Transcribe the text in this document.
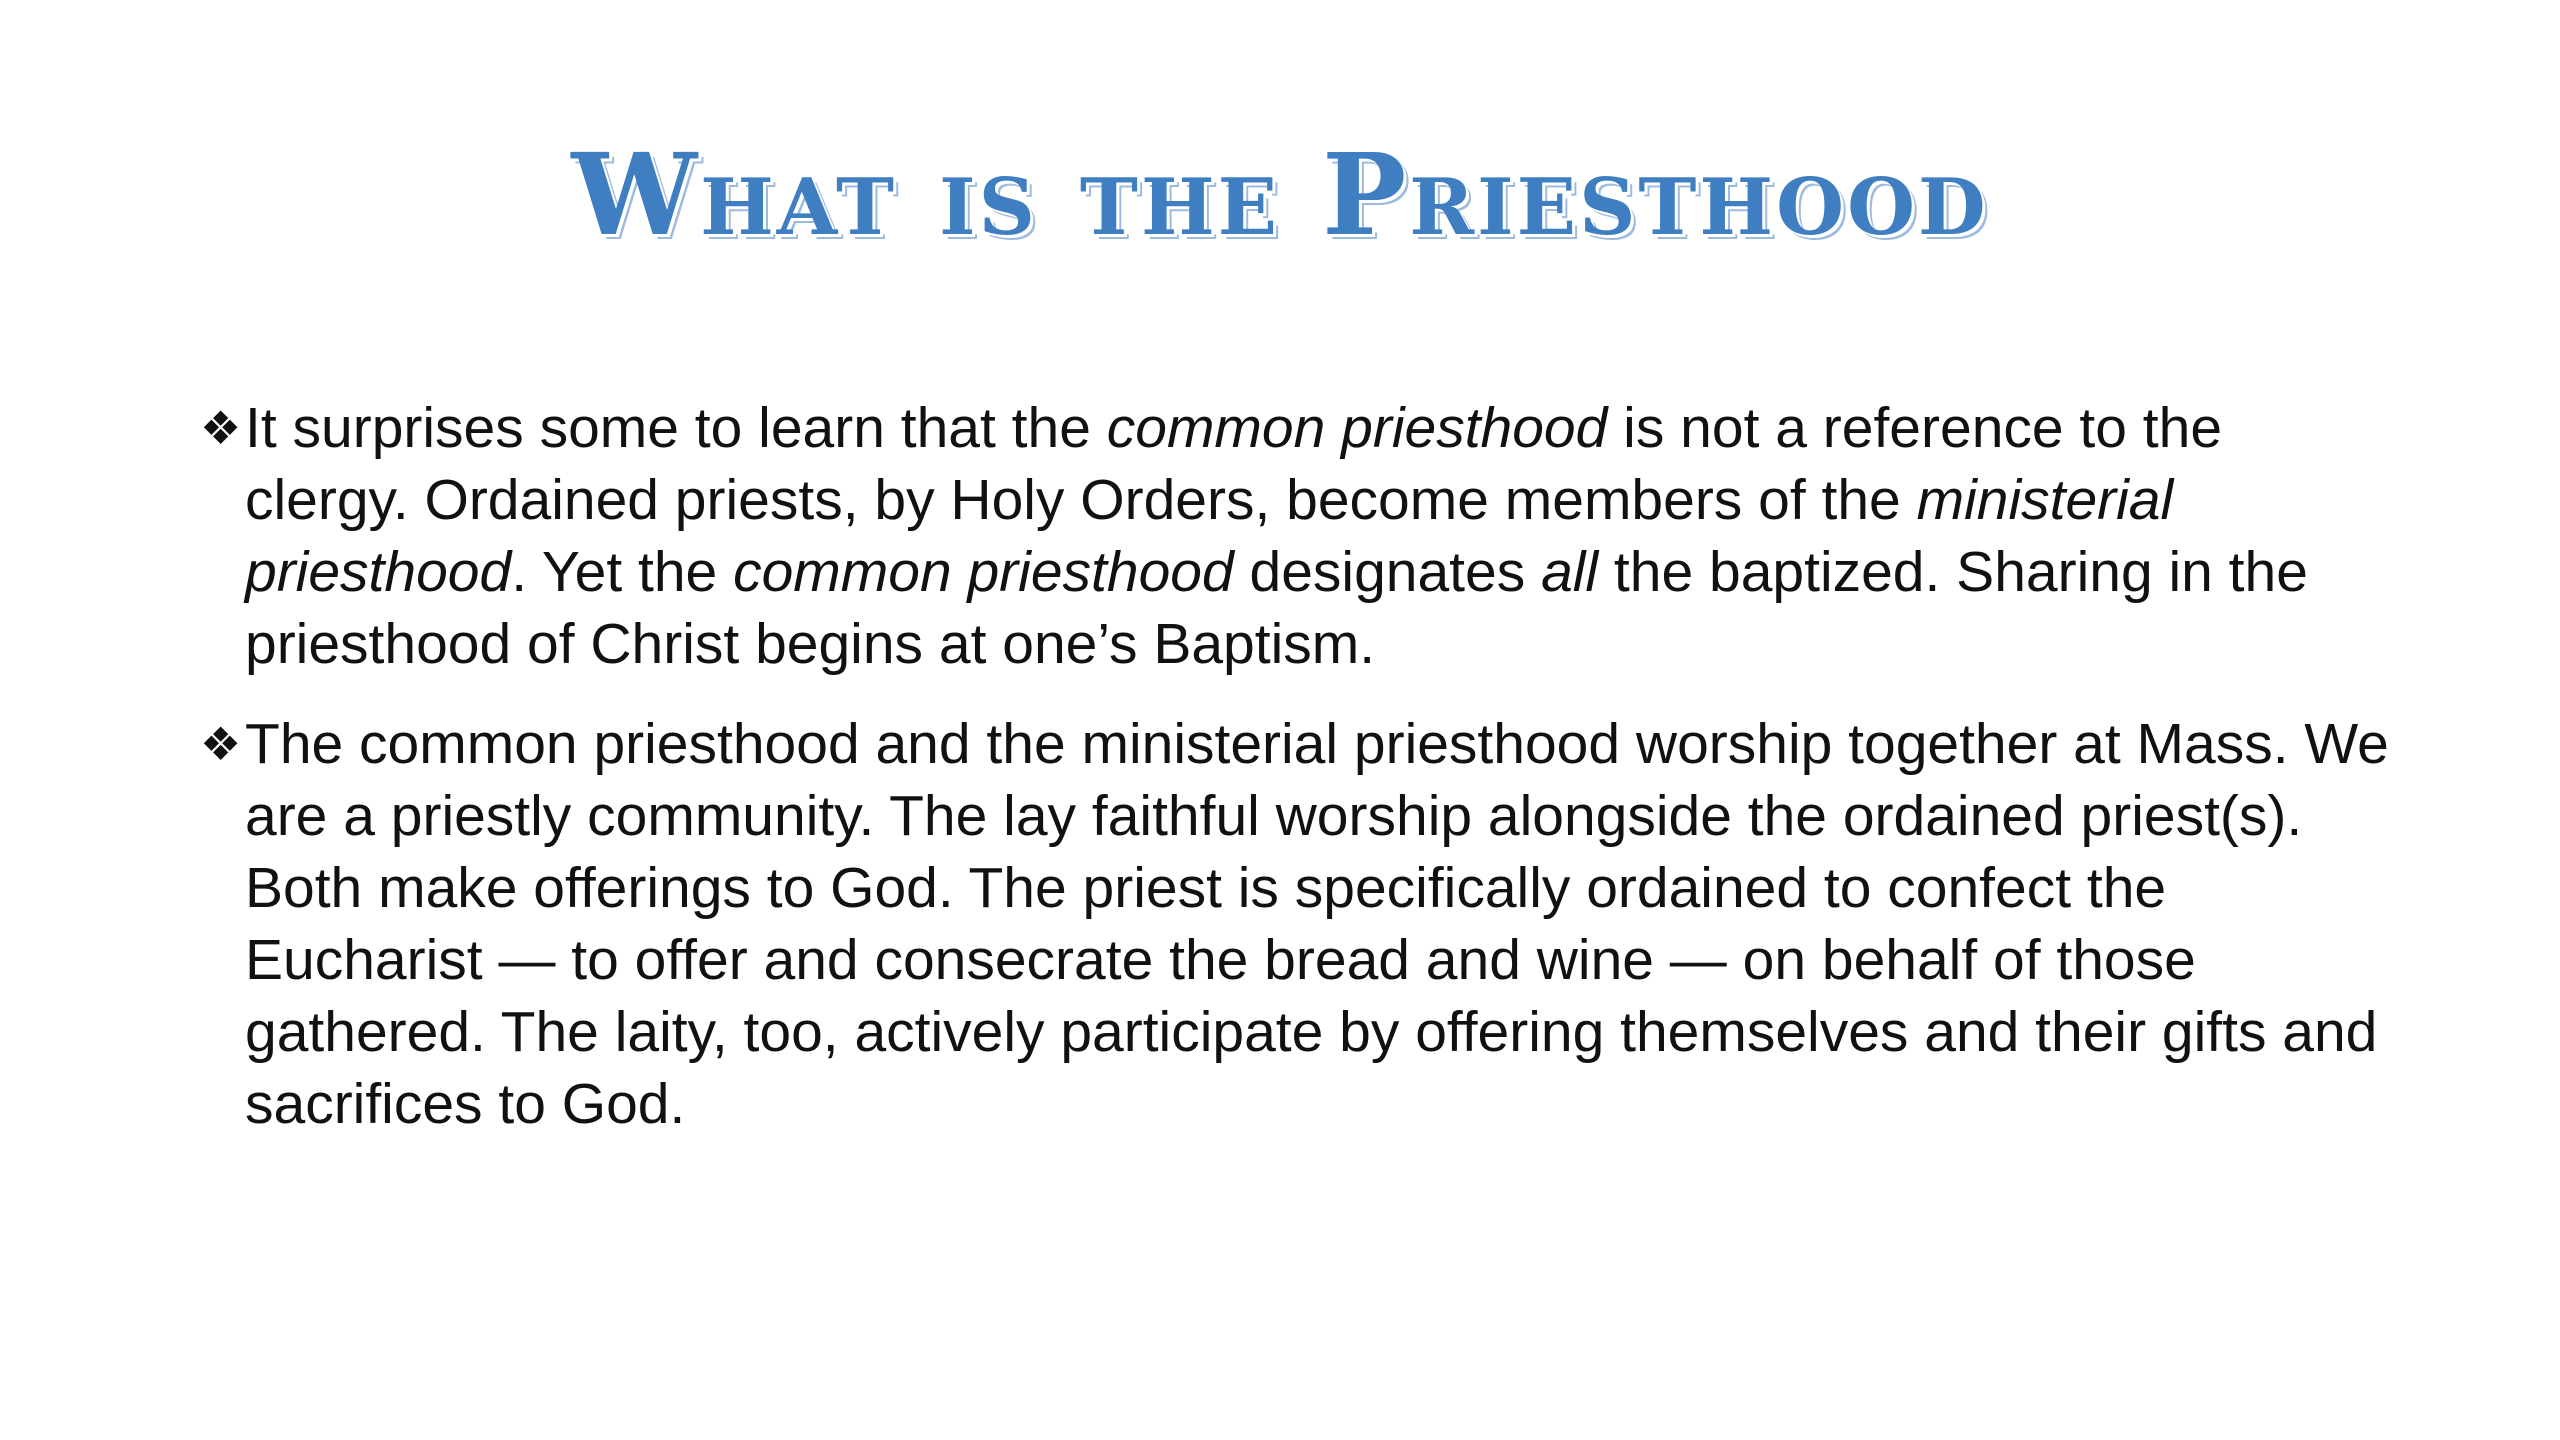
What is the Priesthood

❖ It surprises some to learn that the common priesthood is not a reference to the clergy. Ordained priests, by Holy Orders, become members of the ministerial priesthood. Yet the common priesthood designates all the baptized. Sharing in the priesthood of Christ begins at one’s Baptism.

❖ The common priesthood and the ministerial priesthood worship together at Mass. We are a priestly community. The lay faithful worship alongside the ordained priest(s). Both make offerings to God. The priest is specifically ordained to confect the Eucharist — to offer and consecrate the bread and wine — on behalf of those gathered. The laity, too, actively participate by offering themselves and their gifts and sacrifices to God.
